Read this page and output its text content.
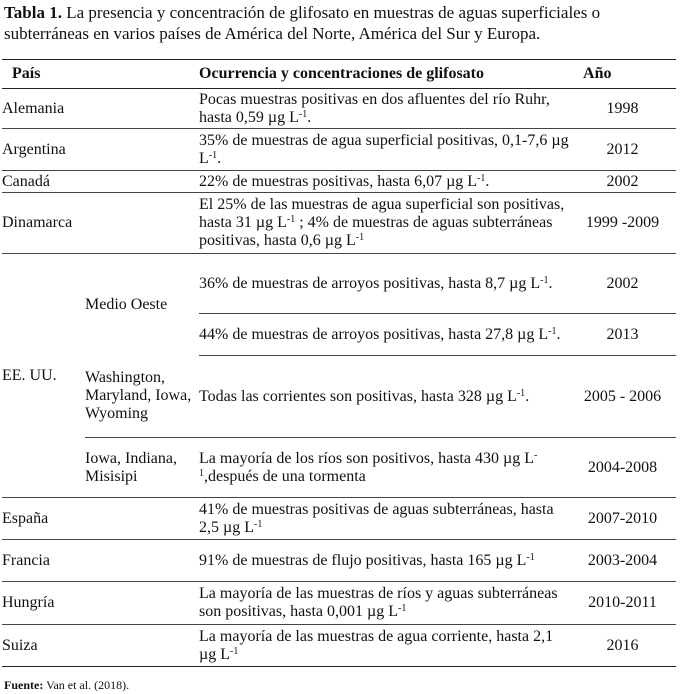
Tabla 1. La presencia y concentración de glifosato en muestras de aguas superficiales o subterráneas en varios países de América del Norte, América del Sur y Europa.
País		Ocurrencia y concentraciones de glifosato	Año
Alemania		Pocas muestras positivas en dos afluentes del río Ruhr, hasta 0,59 µg $L^{-1}$.	1998
Argentina		35% de muestras de agua superficial positivas, 0,1-7,6 µg $L^{-1}$.	2012
Canadá		22% de muestras positivas, hasta 6,07 µg $L^{-1}$.	2002
Dinamarca		El 25% de las muestras de agua superficial son positivas, hasta 31 µg $L^{-1}$ ; 4% de muestras de aguas subterráneas positivas, hasta 0,6 µg $L^{-1}$	1999 -2009
EE. UU.	Medio Oeste	36% de muestras de arroyos positivas, hasta 8,7 µg $L^{-1}$.	2002
		44% de muestras de arroyos positivas, hasta 27,8 µg $L^{-1}$.	2013
	Washington, Maryland, Iowa, Wyoming	Todas las corrientes son positivas, hasta 328 µg $L^{-1}$.	2005 - 2006
	Iowa, Indiana, Misisipi	La mayoría de los ríos son positivos, hasta 430 µg $L^{-1},después$ de una tormenta	2004-2008
España		41% de muestras positivas de aguas subterráneas, hasta 2,5 µg $L^{-1}$	2007-2010
Francia		91% de muestras de flujo positivas, hasta 165 µg $L^{-1}$	2003-2004
Hungría		La mayoría de las muestras de ríos y aguas subterráneas son positivas, hasta 0,001 µg $L^{-1}$	2010-2011
Suiza		La mayoría de las muestras de agua corriente, hasta 2,1 µg $L^{-1}$	2016
Fuente: Van et al. (2018).
